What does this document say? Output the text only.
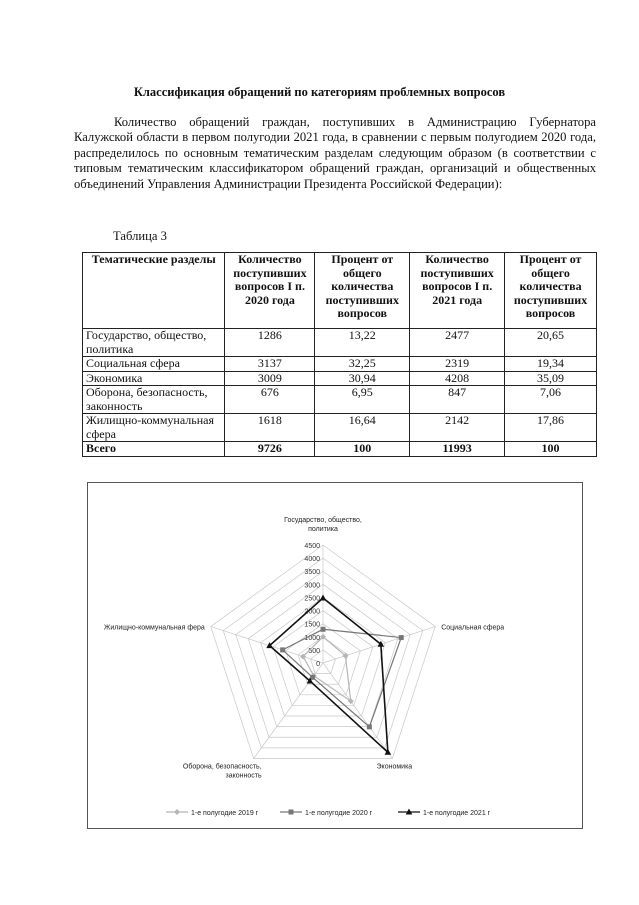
Классификация обращений по категориям проблемных вопросов

Количество обращений граждан, поступивших в Администрацию Губернатора Калужской области в первом полугодии 2021 года, в сравнении с первым полугодием 2020 года, распределилось по основным тематическим разделам следующим образом (в соответствии с типовым тематическим классификатором обращений граждан, организаций и общественных объединений Управления Администрации Президента Российской Федерации):

Таблица 3
Тематические разделы	Количество поступивших вопросов I п. 2020 года	Процент от общего количества поступивших вопросов	Количество поступивших вопросов I п. 2021 года	Процент от общего количества поступивших вопросов
Государство, общество, политика	1286	13,22	2477	20,65
Социальная сфера	3137	32,25	2319	19,34
Экономика	3009	30,94	4208	35,09
Оборона, безопасность, законность	676	6,95	847	7,06
Жилищно-коммунальная сфера	1618	16,64	2142	17,86
Всего	9726	100	11993	100
0
500
1000
1500
2000
2500
3000
3500
4000
4500
Государство, общество, политика
Социальная сфера
Экономика
Оборона, безопасность, законность
Жилищно-коммунальная фера
1-е полугодие 2019 г	1-е полугодие 2020 г	1-е полугодие 2021 г
